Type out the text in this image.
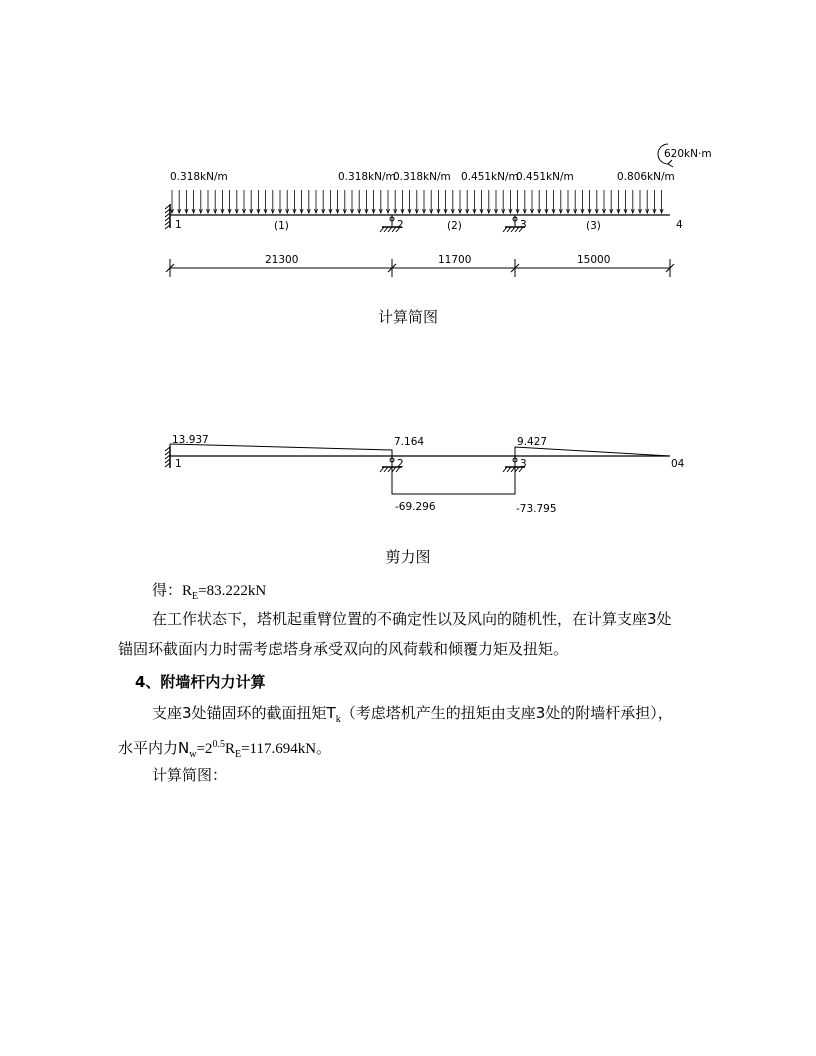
620kN·m
0.318kN/m	0.318kN/m
0.318kN/m 0.451kN/m
0.451kN/m	0.806kN/m
1	2	3	4
(1)	(2)	(3)
21300	11700	15000
计算简图
13.937	7.164	9.427
-69.296	-73.795
1	2	3	04
剪力图
得：$R_E=83.222kN$
在工作状态下，塔机起重臂位置的不确定性以及风向的随机性，在计算支座3处
锚固环截面内力时需考虑塔身承受双向的风荷载和倾覆力矩及扭矩。
4、附墙杆内力计算
支座3处锚固环的截面扭矩$T_k$（考虑塔机产生的扭矩由支座3处的附墙杆承担），
水平内力$N_w=2^{0.5}R_E=117.694kN$。
计算简图：
